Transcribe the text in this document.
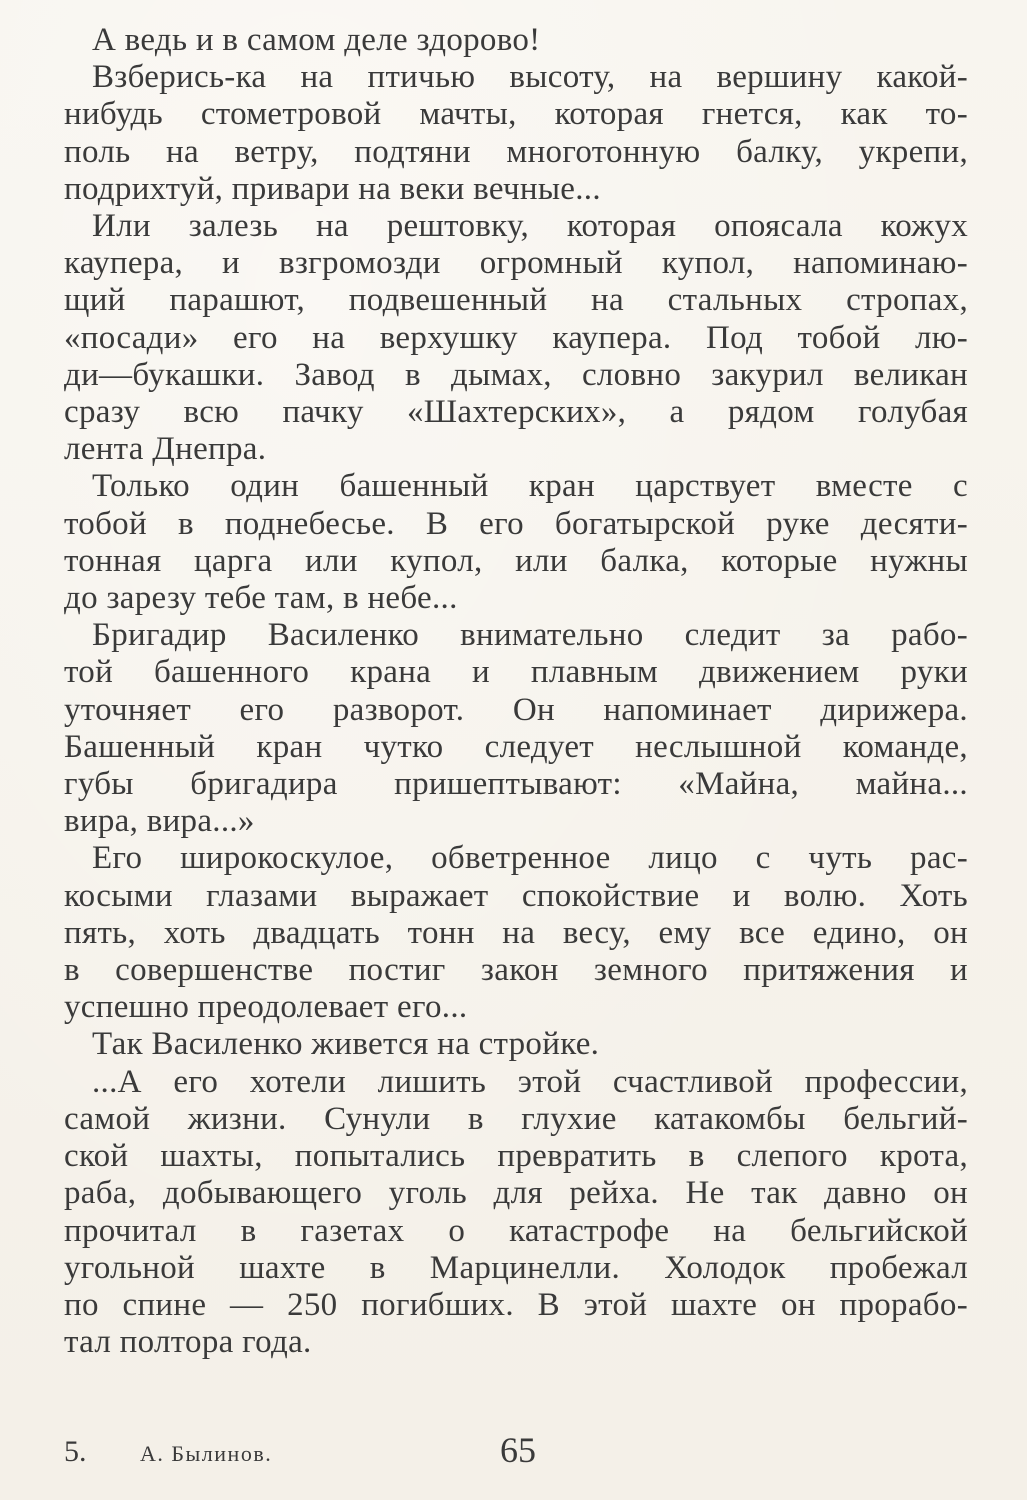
А ведь и в самом деле здорово!
Взберись-ка на птичью высоту, на вершину какой-
нибудь стометровой мачты, которая гнется, как то-
поль на ветру, подтяни многотонную балку, укрепи,
подрихтуй, привари на веки вечные...
Или залезь на рештовку, которая опоясала кожух
каупера, и взгромозди огромный купол, напоминаю-
щий парашют, подвешенный на стальных стропах,
«посади» его на верхушку каупера. Под тобой лю-
ди—букашки. Завод в дымах, словно закурил великан
сразу всю пачку «Шахтерских», а рядом голубая
лента Днепра.
Только один башенный кран царствует вместе с
тобой в поднебесье. В его богатырской руке десяти-
тонная царга или купол, или балка, которые нужны
до зарезу тебе там, в небе...
Бригадир Василенко внимательно следит за рабо-
той башенного крана и плавным движением руки
уточняет его разворот. Он напоминает дирижера.
Башенный кран чутко следует неслышной команде,
губы бригадира пришептывают: «Майна, майна...
вира, вира...»
Его широкоскулое, обветренное лицо с чуть рас-
косыми глазами выражает спокойствие и волю. Хоть
пять, хоть двадцать тонн на весу, ему все едино, он
в совершенстве постиг закон земного притяжения и
успешно преодолевает его...
Так Василенко живется на стройке.
...А его хотели лишить этой счастливой профессии,
самой жизни. Сунули в глухие катакомбы бельгий-
ской шахты, попытались превратить в слепого крота,
раба, добывающего уголь для рейха. Не так давно он
прочитал в газетах о катастрофе на бельгийской
угольной шахте в Марцинелли. Холодок пробежал
по спине — 250 погибших. В этой шахте он прорабо-
тал полтора года.
5. А. Былинов.	65
